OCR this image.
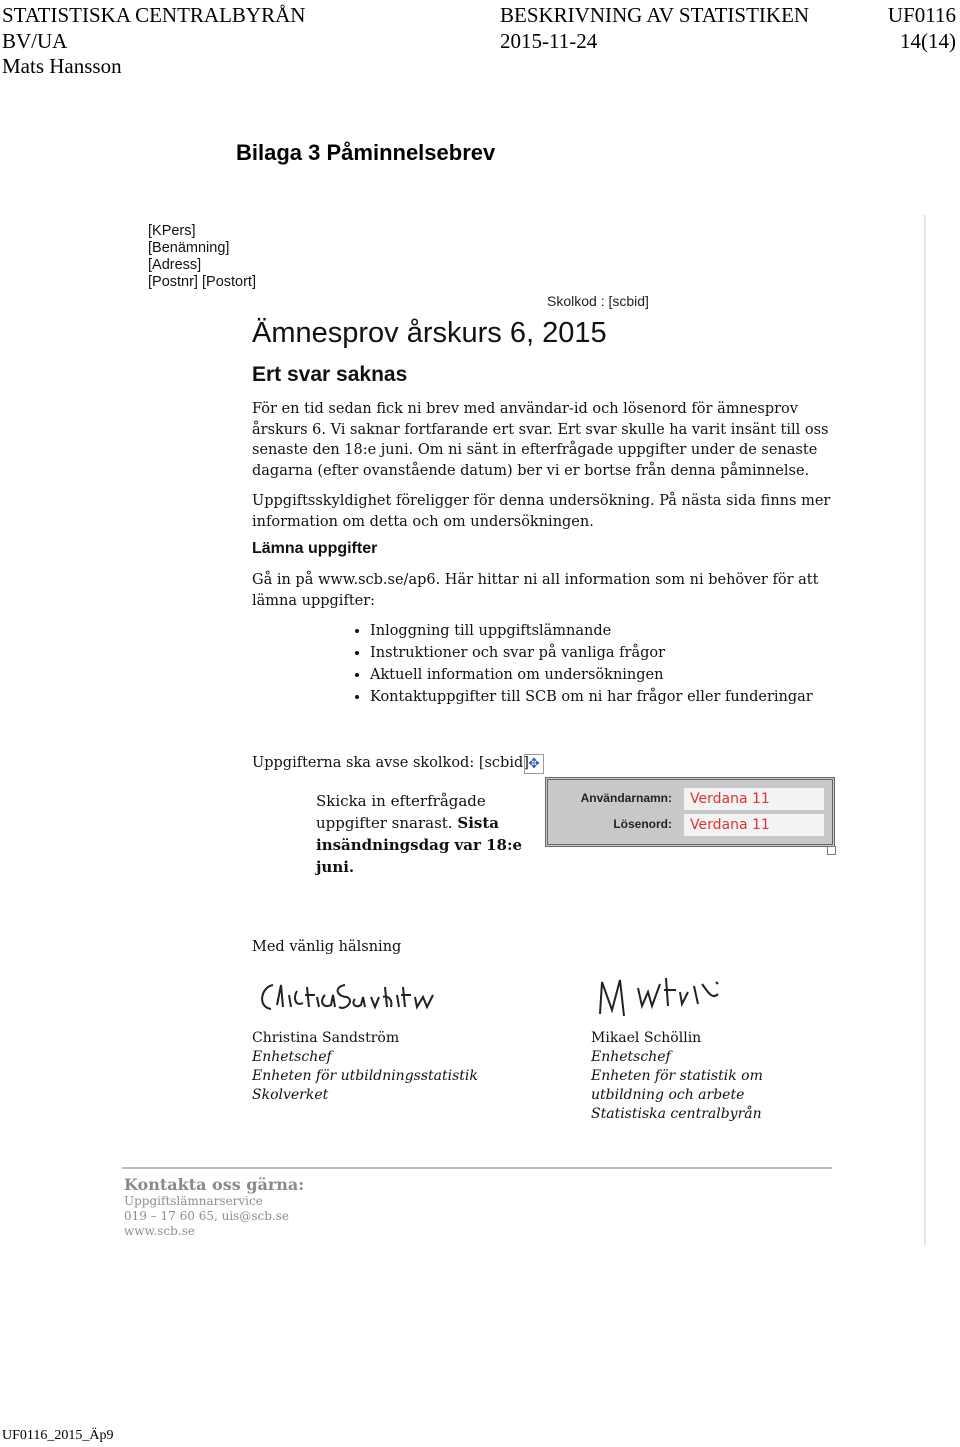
STATISTISKA CENTRALBYRÅN	BESKRIVNING AV STATISTIKEN	UF0116
BV/UA	2015-11-24	14(14)
Mats Hansson
Bilaga 3 Påminnelsebrev
[KPers]
[Benämning]
[Adress]
[Postnr] [Postort]
Skolkod : [scbid]
Ämnesprov årskurs 6, 2015
Ert svar saknas
För en tid sedan fick ni brev med användar-id och lösenord för ämnesprov årskurs 6. Vi saknar fortfarande ert svar. Ert svar skulle ha varit insänt till oss senaste den 18:e juni. Om ni sänt in efterfrågade uppgifter under de senaste dagarna (efter ovanstående datum) ber vi er bortse från denna påminnelse.
Uppgiftsskyldighet föreligger för denna undersökning. På nästa sida finns mer information om detta och om undersökningen.
Lämna uppgifter
Gå in på www.scb.se/ap6. Här hittar ni all information som ni behöver för att lämna uppgifter:
• Inloggning till uppgiftslämnande
• Instruktioner och svar på vanliga frågor
• Aktuell information om undersökningen
• Kontaktuppgifter till SCB om ni har frågor eller funderingar
Uppgifterna ska avse skolkod: [scbid] ✥
Skicka in efterfrågade uppgifter snarast. Sista insändningsdag var 18:e juni.
Användarnamn:	Verdana 11
Lösenord:	Verdana 11
Med vänlig hälsning
Christina Sandström
Enhetschef
Enheten för utbildningsstatistik
Skolverket
Mikael Schöllin
Enhetschef
Enheten för statistik om
utbildning och arbete
Statistiska centralbyrån
Kontakta oss gärna:
Uppgiftslämnarservice
019 – 17 60 65, uis@scb.se
www.scb.se
UF0116_2015_Äp9
